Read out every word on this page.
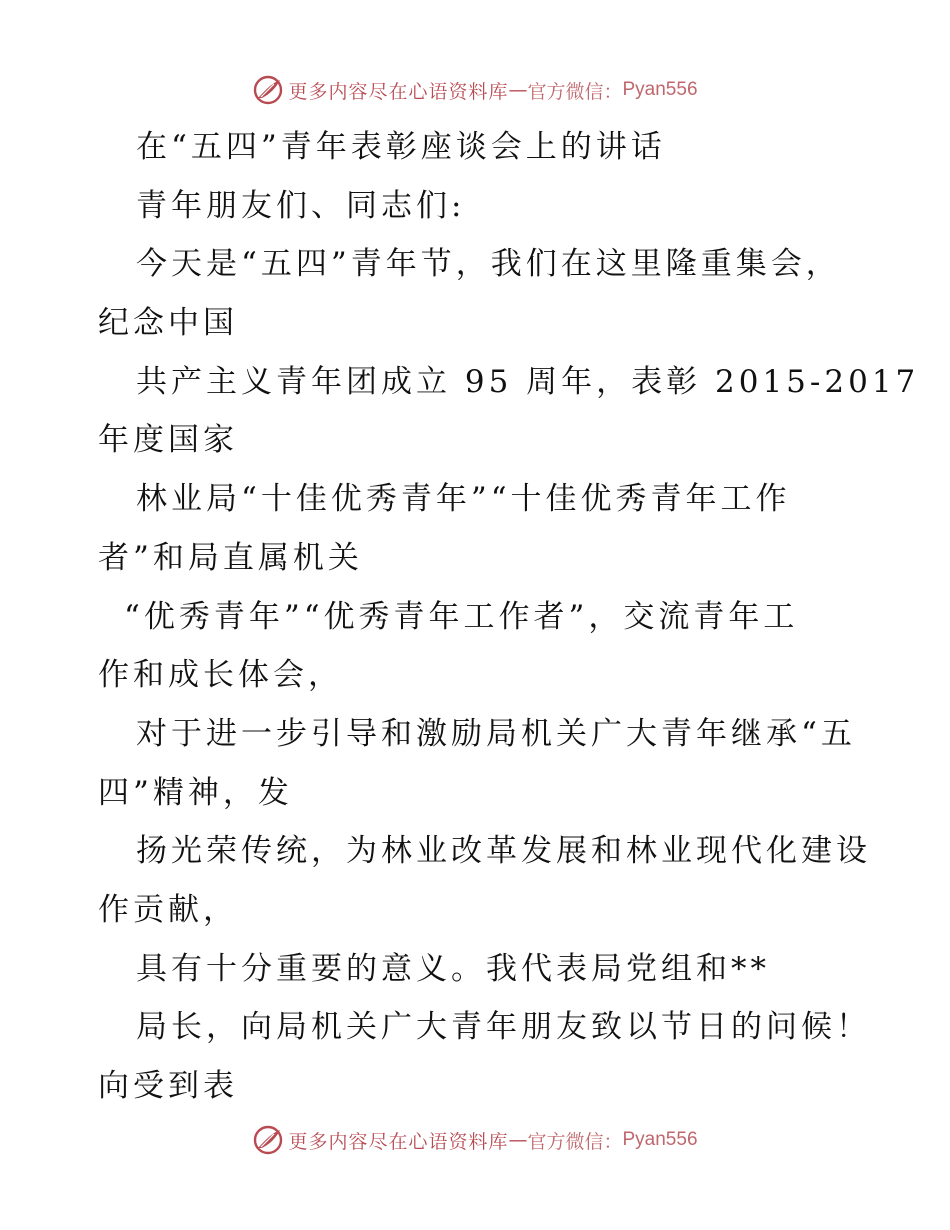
更多内容尽在心语资料库 — 官方微信： Pyan556
在“五四”青年表彰座谈会上的讲话
青年朋友们、同志们:
今天是“五四”青年节，我们在这里隆重集会，
纪念中国
共产主义青年团成立 95 周年，表彰 2015-2017
年度国家
林业局“十佳优秀青年”“十佳优秀青年工作
者”和局直属机关
“优秀青年”“优秀青年工作者”，交流青年工
作和成长体会，
对于进一步引导和激励局机关广大青年继承“五
四”精神，发
扬光荣传统，为林业改革发展和林业现代化建设
作贡献，
具有十分重要的意义。我代表局党组和**
局长，向局机关广大青年朋友致以节日的问候！
向受到表
更多内容尽在心语资料库 — 官方微信： Pyan556
